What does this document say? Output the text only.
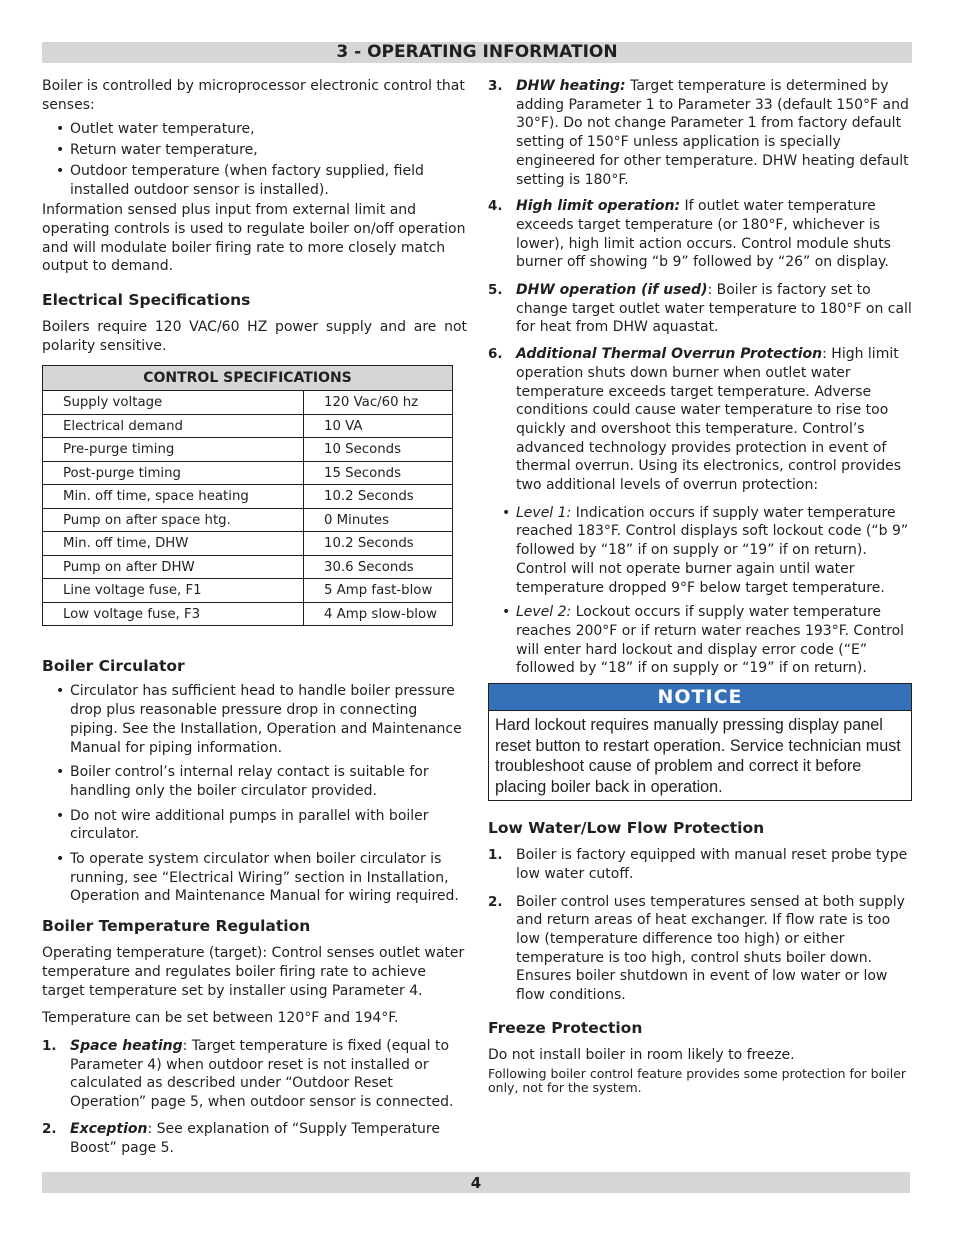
3 - OPERATING INFORMATION

Boiler is controlled by microprocessor electronic control that senses:

• Outlet water temperature,
• Return water temperature,
• Outdoor temperature (when factory supplied, field installed outdoor sensor is installed).

Information sensed plus input from external limit and operating controls is used to regulate boiler on/off operation and will modulate boiler firing rate to more closely match output to demand.

Electrical Specifications

Boilers require 120 VAC/60 HZ power supply and are not polarity sensitive.

CONTROL SPECIFICATIONS	
Supply voltage	120 Vac/60 hz
Electrical demand	10 VA
Pre-purge timing	10 Seconds
Post-purge timing	15 Seconds
Min. off time, space heating	10.2 Seconds
Pump on after space htg.	0 Minutes
Min. off time, DHW	10.2 Seconds
Pump on after DHW	30.6 Seconds
Line voltage fuse, F1	5 Amp fast-blow
Low voltage fuse, F3	4 Amp slow-blow
Boiler Circulator
• Circulator has sufficient head to handle boiler pressure drop plus reasonable pressure drop in connecting piping. See the Installation, Operation and Maintenance Manual for piping information.
• Boiler control’s internal relay contact is suitable for handling only the boiler circulator provided.
• Do not wire additional pumps in parallel with boiler circulator.
• To operate system circulator when boiler circulator is running, see “Electrical Wiring” section in Installation, Operation and Maintenance Manual for wiring required.
Boiler Temperature Regulation

Operating temperature (target): Control senses outlet water temperature and regulates boiler firing rate to achieve target temperature set by installer using Parameter 4.

Temperature can be set between 120°F and 194°F.

1. Space heating: Target temperature is fixed (equal to Parameter 4) when outdoor reset is not installed or calculated as described under “Outdoor Reset Operation” page 5, when outdoor sensor is connected.
2. Exception: See explanation of “Supply Temperature Boost” page 5.
3. DHW heating: Target temperature is determined by adding Parameter 1 to Parameter 33 (default 150°F and 30°F). Do not change Parameter 1 from factory default setting of 150°F unless application is specially engineered for other temperature. DHW heating default setting is 180°F.
4. High limit operation: If outlet water temperature exceeds target temperature (or 180°F, whichever is lower), high limit action occurs. Control module shuts burner off showing “b 9” followed by “26” on display.
5. DHW operation (if used): Boiler is factory set to change target outlet water temperature to 180°F on call for heat from DHW aquastat.
6. Additional Thermal Overrun Protection: High limit operation shuts down burner when outlet water temperature exceeds target temperature. Adverse conditions could cause water temperature to rise too quickly and overshoot this temperature. Control’s advanced technology provides protection in event of thermal overrun. Using its electronics, control provides two additional levels of overrun protection:
• Level 1: Indication occurs if supply water temperature reached 183°F. Control displays soft lockout code (“b 9” followed by “18” if on supply or “19” if on return). Control will not operate burner again until water temperature dropped 9°F below target temperature.
• Level 2: Lockout occurs if supply water temperature reaches 200°F or if return water reaches 193°F. Control will enter hard lockout and display error code (“E” followed by “18” if on supply or “19” if on return).
NOTICE
Hard lockout requires manually pressing display panel reset button to restart operation. Service technician must troubleshoot cause of problem and correct it before placing boiler back in operation.
Low Water/Low Flow Protection
1. Boiler is factory equipped with manual reset probe type low water cutoff.
2. Boiler control uses temperatures sensed at both supply and return areas of heat exchanger. If flow rate is too low (temperature difference too high) or either temperature is too high, control shuts boiler down. Ensures boiler shutdown in event of low water or low flow conditions.
Freeze Protection

Do not install boiler in room likely to freeze.

Following boiler control feature provides some protection for boiler only, not for the system.

4
